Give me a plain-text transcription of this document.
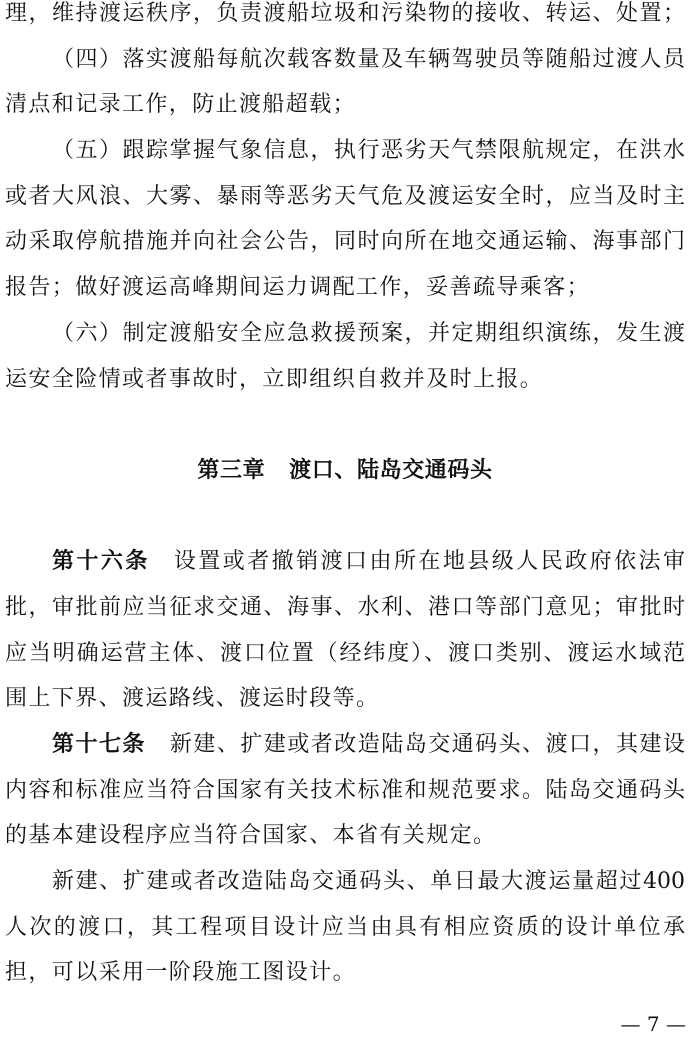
理，维持渡运秩序，负责渡船垃圾和污染物的接收、转运、处置；
（四）落实渡船每航次载客数量及车辆驾驶员等随船过渡人员
清点和记录工作，防止渡船超载；
（五）跟踪掌握气象信息，执行恶劣天气禁限航规定，在洪水
或者大风浪、大雾、暴雨等恶劣天气危及渡运安全时，应当及时主
动采取停航措施并向社会公告，同时向所在地交通运输、海事部门
报告；做好渡运高峰期间运力调配工作，妥善疏导乘客；
（六）制定渡船安全应急救援预案，并定期组织演练，发生渡
运安全险情或者事故时，立即组织自救并及时上报。
第三章 渡口、陆岛交通码头
第十六条 设置或者撤销渡口由所在地县级人民政府依法审
批，审批前应当征求交通、海事、水利、港口等部门意见；审批时
应当明确运营主体、渡口位置（经纬度）、渡口类别、渡运水域范
围上下界、渡运路线、渡运时段等。
第十七条 新建、扩建或者改造陆岛交通码头、渡口，其建设
内容和标准应当符合国家有关技术标准和规范要求。陆岛交通码头
的基本建设程序应当符合国家、本省有关规定。
新建、扩建或者改造陆岛交通码头、单日最大渡运量超过400
人次的渡口，其工程项目设计应当由具有相应资质的设计单位承
担，可以采用一阶段施工图设计。
— 7 —
